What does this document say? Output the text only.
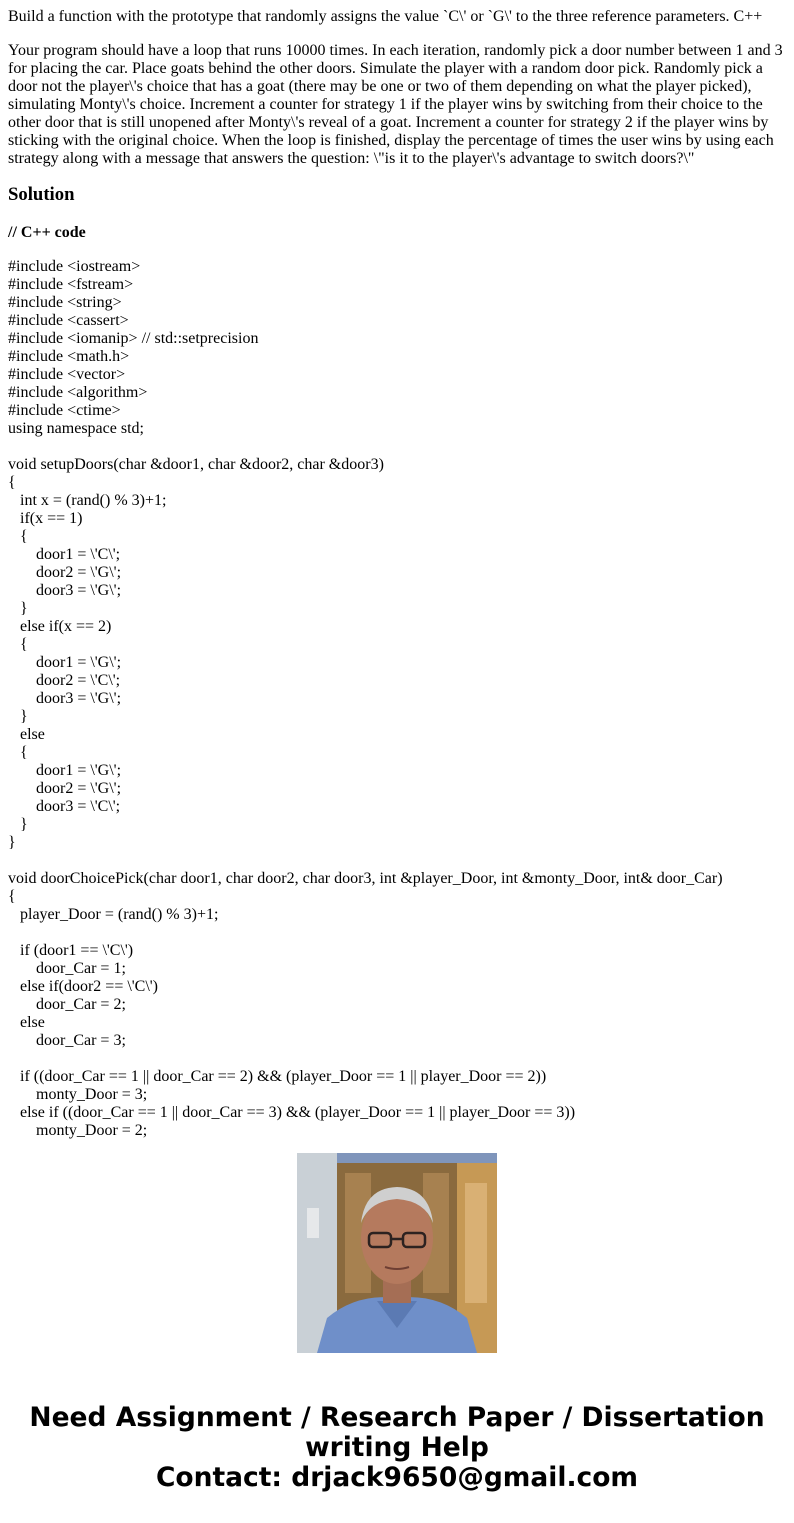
Build a function with the prototype that randomly assigns the value `C\' or `G\' to the three reference parameters. C++

Your program should have a loop that runs 10000 times. In each iteration, randomly pick a door number between 1 and 3 for placing the car. Place goats behind the other doors. Simulate the player with a random door pick. Randomly pick a door not the player\'s choice that has a goat (there may be one or two of them depending on what the player picked), simulating Monty\'s choice. Increment a counter for strategy 1 if the player wins by switching from their choice to the other door that is still unopened after Monty\'s reveal of a goat. Increment a counter for strategy 2 if the player wins by sticking with the original choice. When the loop is finished, display the percentage of times the user wins by using each strategy along with a message that answers the question: \"is it to the player\'s advantage to switch doors?\"

Solution
// C++ code
#include <iostream>
#include <fstream>
#include <string>
#include <cassert>
#include <iomanip> // std::setprecision
#include <math.h>
#include <vector>
#include <algorithm>
#include <ctime>
using namespace std;
void setupDoors(char &door1, char &door2, char &door3)
{
int x = (rand() % 3)+1;
if(x == 1)
{
door1 = \'C\';
door2 = \'G\';
door3 = \'G\';
}
else if(x == 2)
{
door1 = \'G\';
door2 = \'C\';
door3 = \'G\';
}
else
{
door1 = \'G\';
door2 = \'G\';
door3 = \'C\';
}
}
void doorChoicePick(char door1, char door2, char door3, int &player_Door, int &monty_Door, int& door_Car)
{
player_Door = (rand() % 3)+1;
if (door1 == \'C\')
door_Car = 1;
else if(door2 == \'C\')
door_Car = 2;
else
door_Car = 3;
if ((door_Car == 1 || door_Car == 2) && (player_Door == 1 || player_Door == 2))
monty_Door = 3;
else if ((door_Car == 1 || door_Car == 3) && (player_Door == 1 || player_Door == 3))
monty_Door = 2;
Need Assignment / Research Paper / Dissertation
writing Help
Contact: drjack9650@gmail.com
